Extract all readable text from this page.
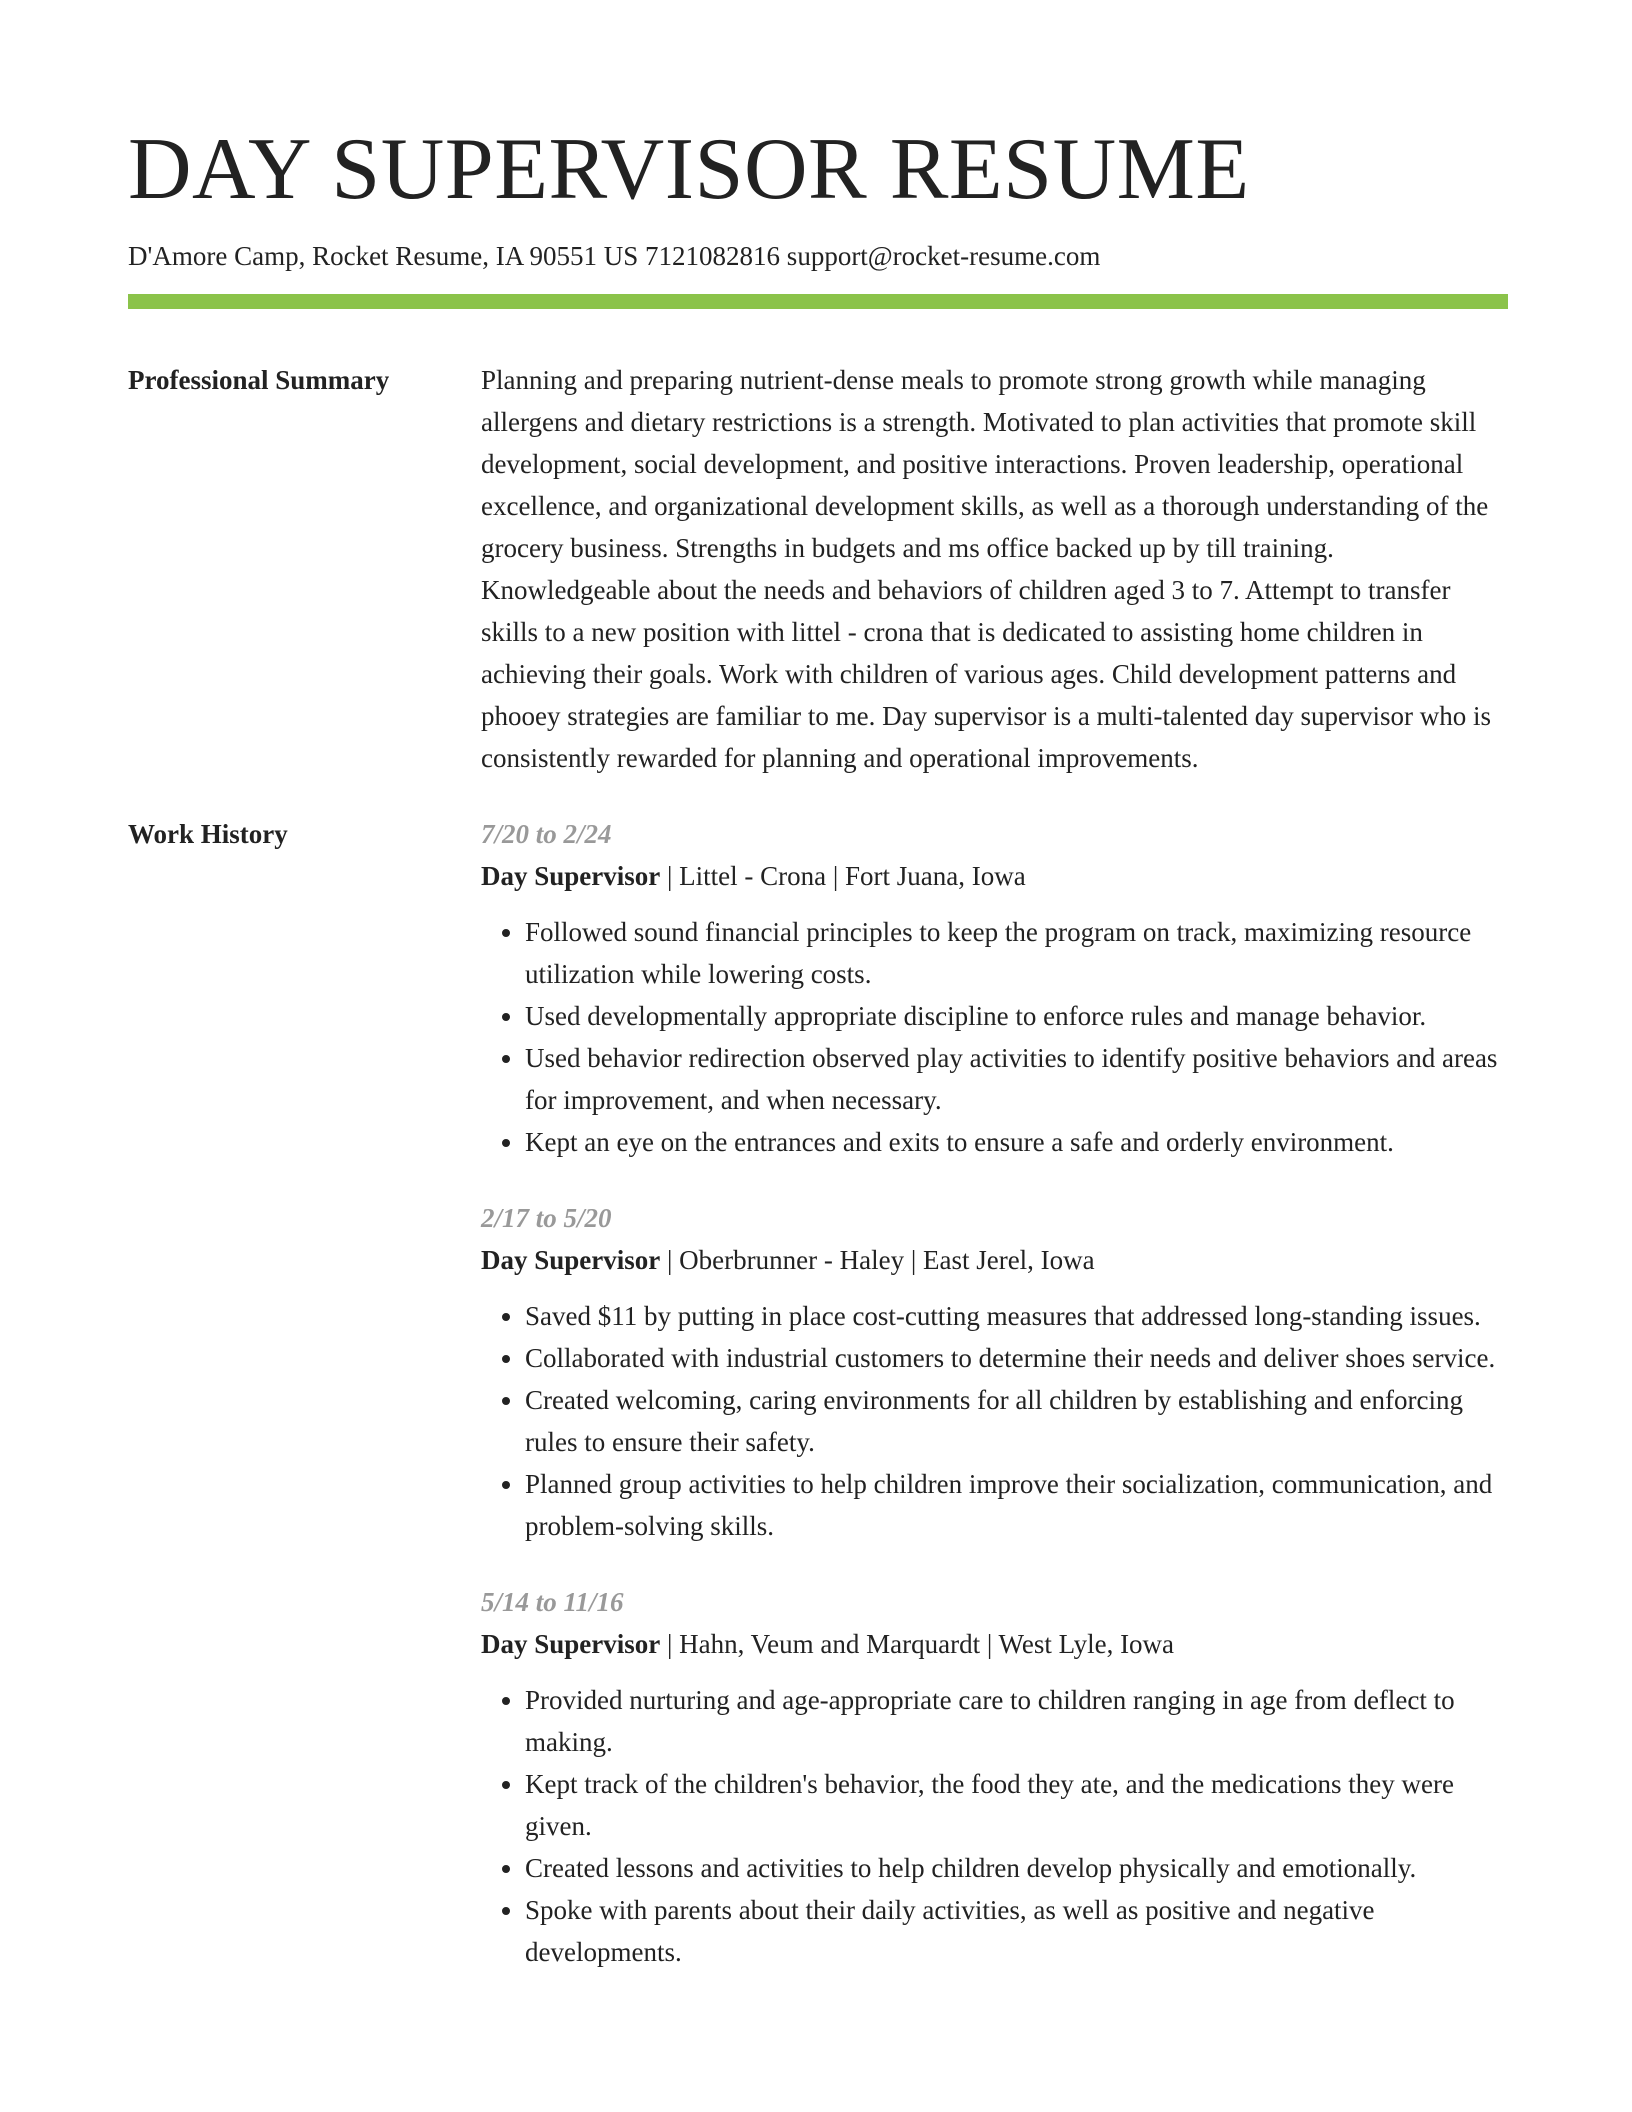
DAY SUPERVISOR RESUME
D'Amore Camp, Rocket Resume, IA 90551 US 7121082816 support@rocket-resume.com
Professional Summary	Planning and preparing nutrient-dense meals to promote strong growth while managing allergens and dietary restrictions is a strength. Motivated to plan activities that promote skill development, social development, and positive interactions. Proven leadership, operational excellence, and organizational development skills, as well as a thorough understanding of the grocery business. Strengths in budgets and ms office backed up by till training. Knowledgeable about the needs and behaviors of children aged 3 to 7. Attempt to transfer skills to a new position with littel - crona that is dedicated to assisting home children in achieving their goals. Work with children of various ages. Child development patterns and phooey strategies are familiar to me. Day supervisor is a multi-talented day supervisor who is consistently rewarded for planning and operational improvements.
Work History	7/20 to 2/24
Day Supervisor | Littel - Crona | Fort Juana, Iowa
• Followed sound financial principles to keep the program on track, maximizing resource utilization while lowering costs.
• Used developmentally appropriate discipline to enforce rules and manage behavior.
• Used behavior redirection observed play activities to identify positive behaviors and areas for improvement, and when necessary.
• Kept an eye on the entrances and exits to ensure a safe and orderly environment.
2/17 to 5/20
Day Supervisor | Oberbrunner - Haley | East Jerel, Iowa
• Saved $11 by putting in place cost-cutting measures that addressed long-standing issues.
• Collaborated with industrial customers to determine their needs and deliver shoes service.
• Created welcoming, caring environments for all children by establishing and enforcing rules to ensure their safety.
• Planned group activities to help children improve their socialization, communication, and problem-solving skills.
5/14 to 11/16
Day Supervisor | Hahn, Veum and Marquardt | West Lyle, Iowa
• Provided nurturing and age-appropriate care to children ranging in age from deflect to making.
• Kept track of the children's behavior, the food they ate, and the medications they were given.
• Created lessons and activities to help children develop physically and emotionally.
• Spoke with parents about their daily activities, as well as positive and negative developments.
